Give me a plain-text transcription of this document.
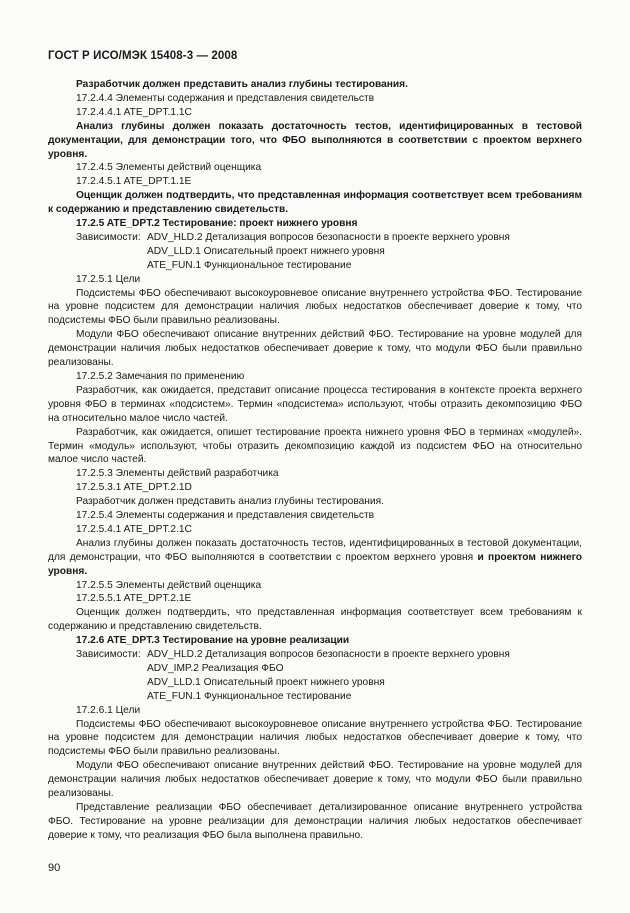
ГОСТ Р ИСО/МЭК 15408-3 — 2008

Разработчик должен представить анализ глубины тестирования.

17.2.4.4 Элементы содержания и представления свидетельств

17.2.4.4.1 ATE_DPT.1.1C

Анализ глубины должен показать достаточность тестов, идентифицированных в тестовой документации, для демонстрации того, что ФБО выполняются в соответствии с проектом верхнего уровня.

17.2.4.5 Элементы действий оценщика

17.2.4.5.1 ATE_DPT.1.1E

Оценщик должен подтвердить, что представленная информация соответствует всем требованиям к содержанию и представлению свидетельств.

17.2.5 ATE_DPT.2 Тестирование: проект нижнего уровня

Зависимости: ADV_HLD.2 Детализация вопросов безопасности в проекте верхнего уровня
ADV_LLD.1 Описательный проект нижнего уровня
ATE_FUN.1 Функциональное тестирование

17.2.5.1 Цели

Подсистемы ФБО обеспечивают высокоуровневое описание внутреннего устройства ФБО. Тестирование на уровне подсистем для демонстрации наличия любых недостатков обеспечивает доверие к тому, что подсистемы ФБО были правильно реализованы.

Модули ФБО обеспечивают описание внутренних действий ФБО. Тестирование на уровне модулей для демонстрации наличия любых недостатков обеспечивает доверие к тому, что модули ФБО были правильно реализованы.

17.2.5.2 Замечания по применению

Разработчик, как ожидается, представит описание процесса тестирования в контексте проекта верхнего уровня ФБО в терминах «подсистем». Термин «подсистема» используют, чтобы отразить декомпозицию ФБО на относительно малое число частей.

Разработчик, как ожидается, опишет тестирование проекта нижнего уровня ФБО в терминах «модулей». Термин «модуль» используют, чтобы отразить декомпозицию каждой из подсистем ФБО на относительно малое число частей.

17.2.5.3 Элементы действий разработчика

17.2.5.3.1 ATE_DPT.2.1D

Разработчик должен представить анализ глубины тестирования.

17.2.5.4 Элементы содержания и представления свидетельств

17.2.5.4.1 ATE_DPT.2.1C

Анализ глубины должен показать достаточность тестов, идентифицированных в тестовой документации, для демонстрации, что ФБО выполняются в соответствии с проектом верхнего уровня и проектом нижнего уровня.

17.2.5.5 Элементы действий оценщика

17.2.5.5.1 ATE_DPT.2.1E

Оценщик должен подтвердить, что представленная информация соответствует всем требованиям к содержанию и представлению свидетельств.

17.2.6 ATE_DPT.3 Тестирование на уровне реализации

Зависимости: ADV_HLD.2 Детализация вопросов безопасности в проекте верхнего уровня
ADV_IMP.2 Реализация ФБО
ADV_LLD.1 Описательный проект нижнего уровня
ATE_FUN.1 Функциональное тестирование

17.2.6.1 Цели

Подсистемы ФБО обеспечивают высокоуровневое описание внутреннего устройства ФБО. Тестирование на уровне подсистем для демонстрации наличия любых недостатков обеспечивает доверие к тому, что подсистемы ФБО были правильно реализованы.

Модули ФБО обеспечивают описание внутренних действий ФБО. Тестирование на уровне модулей для демонстрации наличия любых недостатков обеспечивает доверие к тому, что модули ФБО были правильно реализованы.

Представление реализации ФБО обеспечивает детализированное описание внутреннего устройства ФБО. Тестирование на уровне реализации для демонстрации наличия любых недостатков обеспечивает доверие к тому, что реализация ФБО была выполнена правильно.

90
